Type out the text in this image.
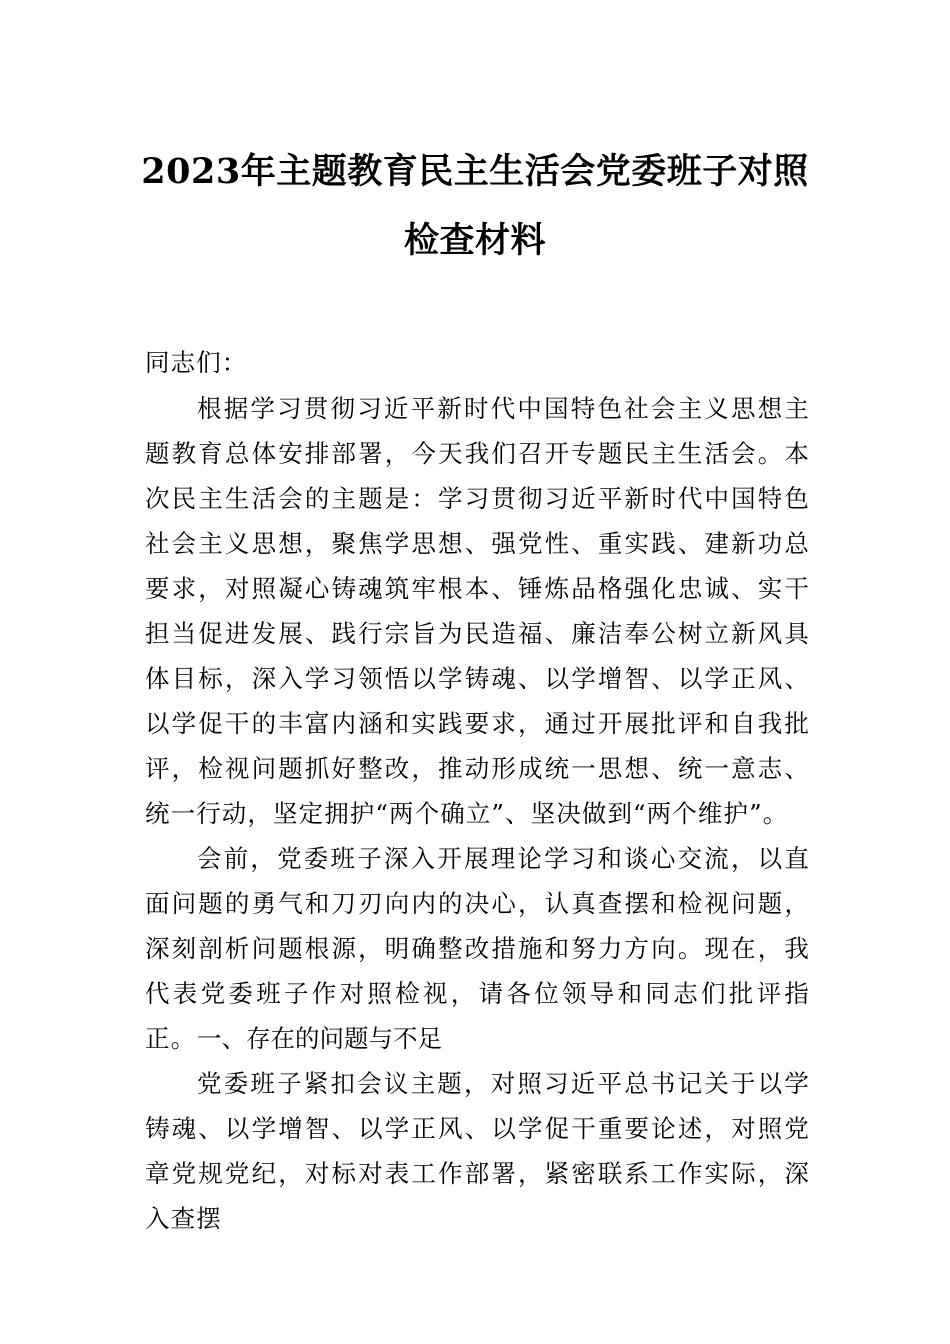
2023年主题教育民主生活会党委班子对照
检查材料

同志们：

根据学习贯彻习近平新时代中国特色社会主义思想主题教育总体安排部署，今天我们召开专题民主生活会。本次民主生活会的主题是：学习贯彻习近平新时代中国特色社会主义思想，聚焦学思想、强党性、重实践、建新功总要求，对照凝心铸魂筑牢根本、锤炼品格强化忠诚、实干担当促进发展、践行宗旨为民造福、廉洁奉公树立新风具体目标，深入学习领悟以学铸魂、以学增智、以学正风、以学促干的丰富内涵和实践要求，通过开展批评和自我批评，检视问题抓好整改，推动形成统一思想、统一意志、统一行动，坚定拥护“两个确立”、坚决做到“两个维护”。

会前，党委班子深入开展理论学习和谈心交流，以直面问题的勇气和刀刃向内的决心，认真查摆和检视问题，深刻剖析问题根源，明确整改措施和努力方向。现在，我代表党委班子作对照检视，请各位领导和同志们批评指正。 一、存在的问题与不足

党委班子紧扣会议主题，对照习近平总书记关于以学铸魂、以学增智、以学正风、以学促干重要论述，对照党章党规党纪，对标对表工作部署，紧密联系工作实际，深入查摆
